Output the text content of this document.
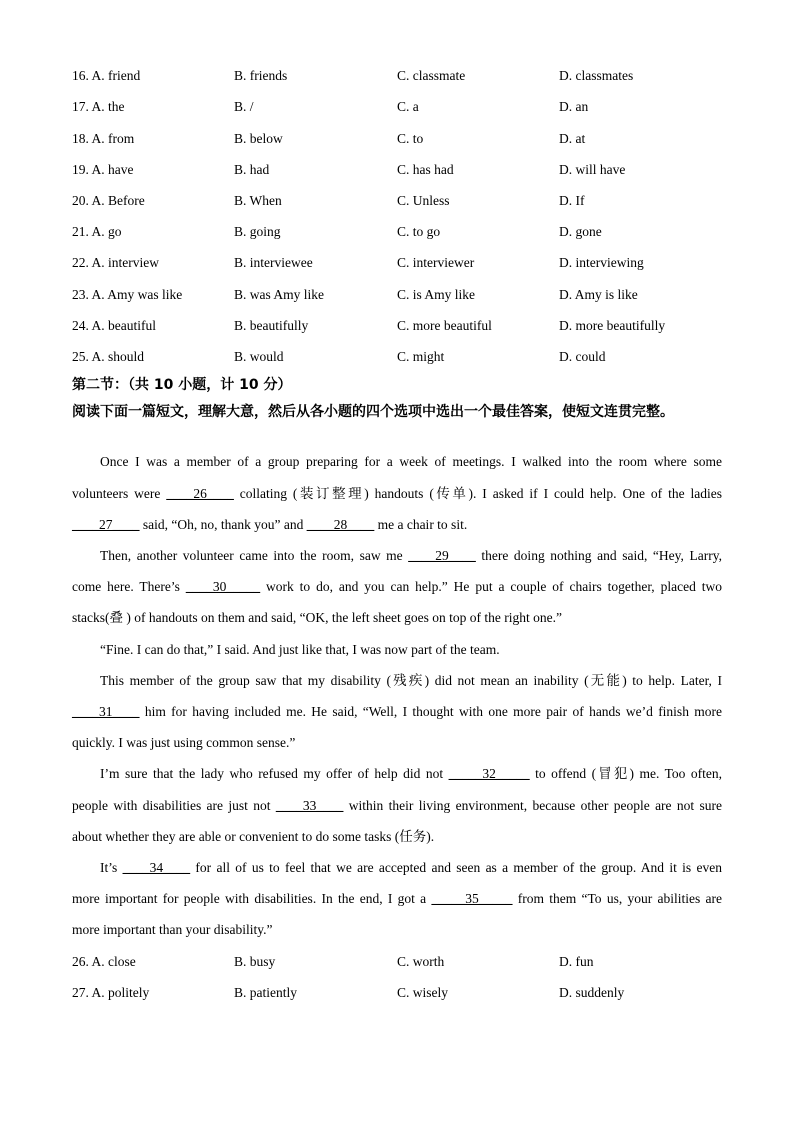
16. A. friend	B. friends	C. classmate	D. classmates
17. A. the	B. /	C. a	D. an
18. A. from	B. below	C. to	D. at
19. A. have	B. had	C. has had	D. will have
20. A. Before	B. When	C. Unless	D. If
21. A. go	B. going	C. to go	D. gone
22. A. interview	B. interviewee	C. interviewer	D. interviewing
23. A. Amy was like	B. was Amy like	C. is Amy like	D. Amy is like
24. A. beautiful	B. beautifully	C. more beautiful	D. more beautifully
25. A. should	B. would	C. might	D. could
第二节：（共 10 小题，计 10 分）
阅读下面一篇短文，理解大意，然后从各小题的四个选项中选出一个最佳答案，使短文连贯完整。
Once I was a member of a group preparing for a week of meetings. I walked into the room where some
volunteers were ____26____ collating (装订整理) handouts (传单). I asked if I could help. One of the ladies
____27____ said, “Oh, no, thank you” and ____28____ me a chair to sit.
Then, another volunteer came into the room, saw me ____29____ there doing nothing and said, “Hey, Larry,
come here. There’s ____30_____ work to do, and you can help.” He put a couple of chairs together, placed two
stacks(叠 ) of handouts on them and said, “OK, the left sheet goes on top of the right one.”
“Fine. I can do that,” I said. And just like that, I was now part of the team.
This member of the group saw that my disability (残疾) did not mean an inability (无能) to help. Later, I
____31____ him for having included me. He said, “Well, I thought with one more pair of hands we’d finish more
quickly. I was just using common sense.”
I’m sure that the lady who refused my offer of help did not _____32_____ to offend (冒犯) me. Too often,
people with disabilities are just not ____33____ within their living environment, because other people are not sure
about whether they are able or convenient to do some tasks (任务).
It’s ____34____ for all of us to feel that we are accepted and seen as a member of the group. And it is even
more important for people with disabilities. In the end, I got a _____35_____ from them “To us, your abilities are
more important than your disability.”
26. A. close	B. busy	C. worth	D. fun
27. A. politely	B. patiently	C. wisely	D. suddenly
